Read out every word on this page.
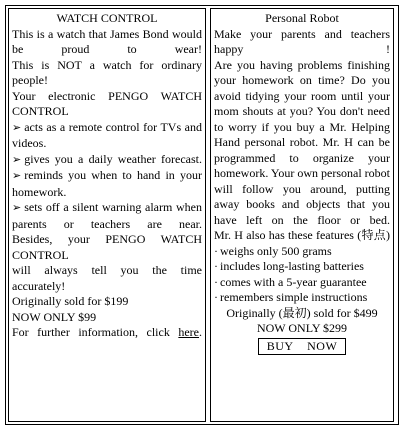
WATCH CONTROL

This is a watch that James Bond would be proud to wear!

This is NOT a watch for ordinary people!

Your electronic PENGO WATCH CONTROL

➢ acts as a remote control for TVs and videos.

➢ gives you a daily weather forecast.

➢ reminds you when to hand in your homework.

➢ sets off a silent warning alarm when parents or teachers are near.

Besides, your PENGO WATCH CONTROL

will always tell you the time accurately!

Originally sold for $199

NOW ONLY $99

For further information, click here.

Personal Robot

Make your parents and teachers happy !

Are you having problems finishing your homework on time? Do you avoid tidying your room until your mom shouts at you? You don't need to worry if you buy a Mr. Helping Hand personal robot. Mr. H can be programmed to organize your homework. Your own personal robot will follow you around, putting away books and objects that you have left on the floor or bed.

Mr. H also has these features (特点)

· weighs only 500 grams

· includes long-lasting batteries

· comes with a 5-year guarantee

· remembers simple instructions

Originally (最初) sold for $499

NOW ONLY $299

BUY    NOW
